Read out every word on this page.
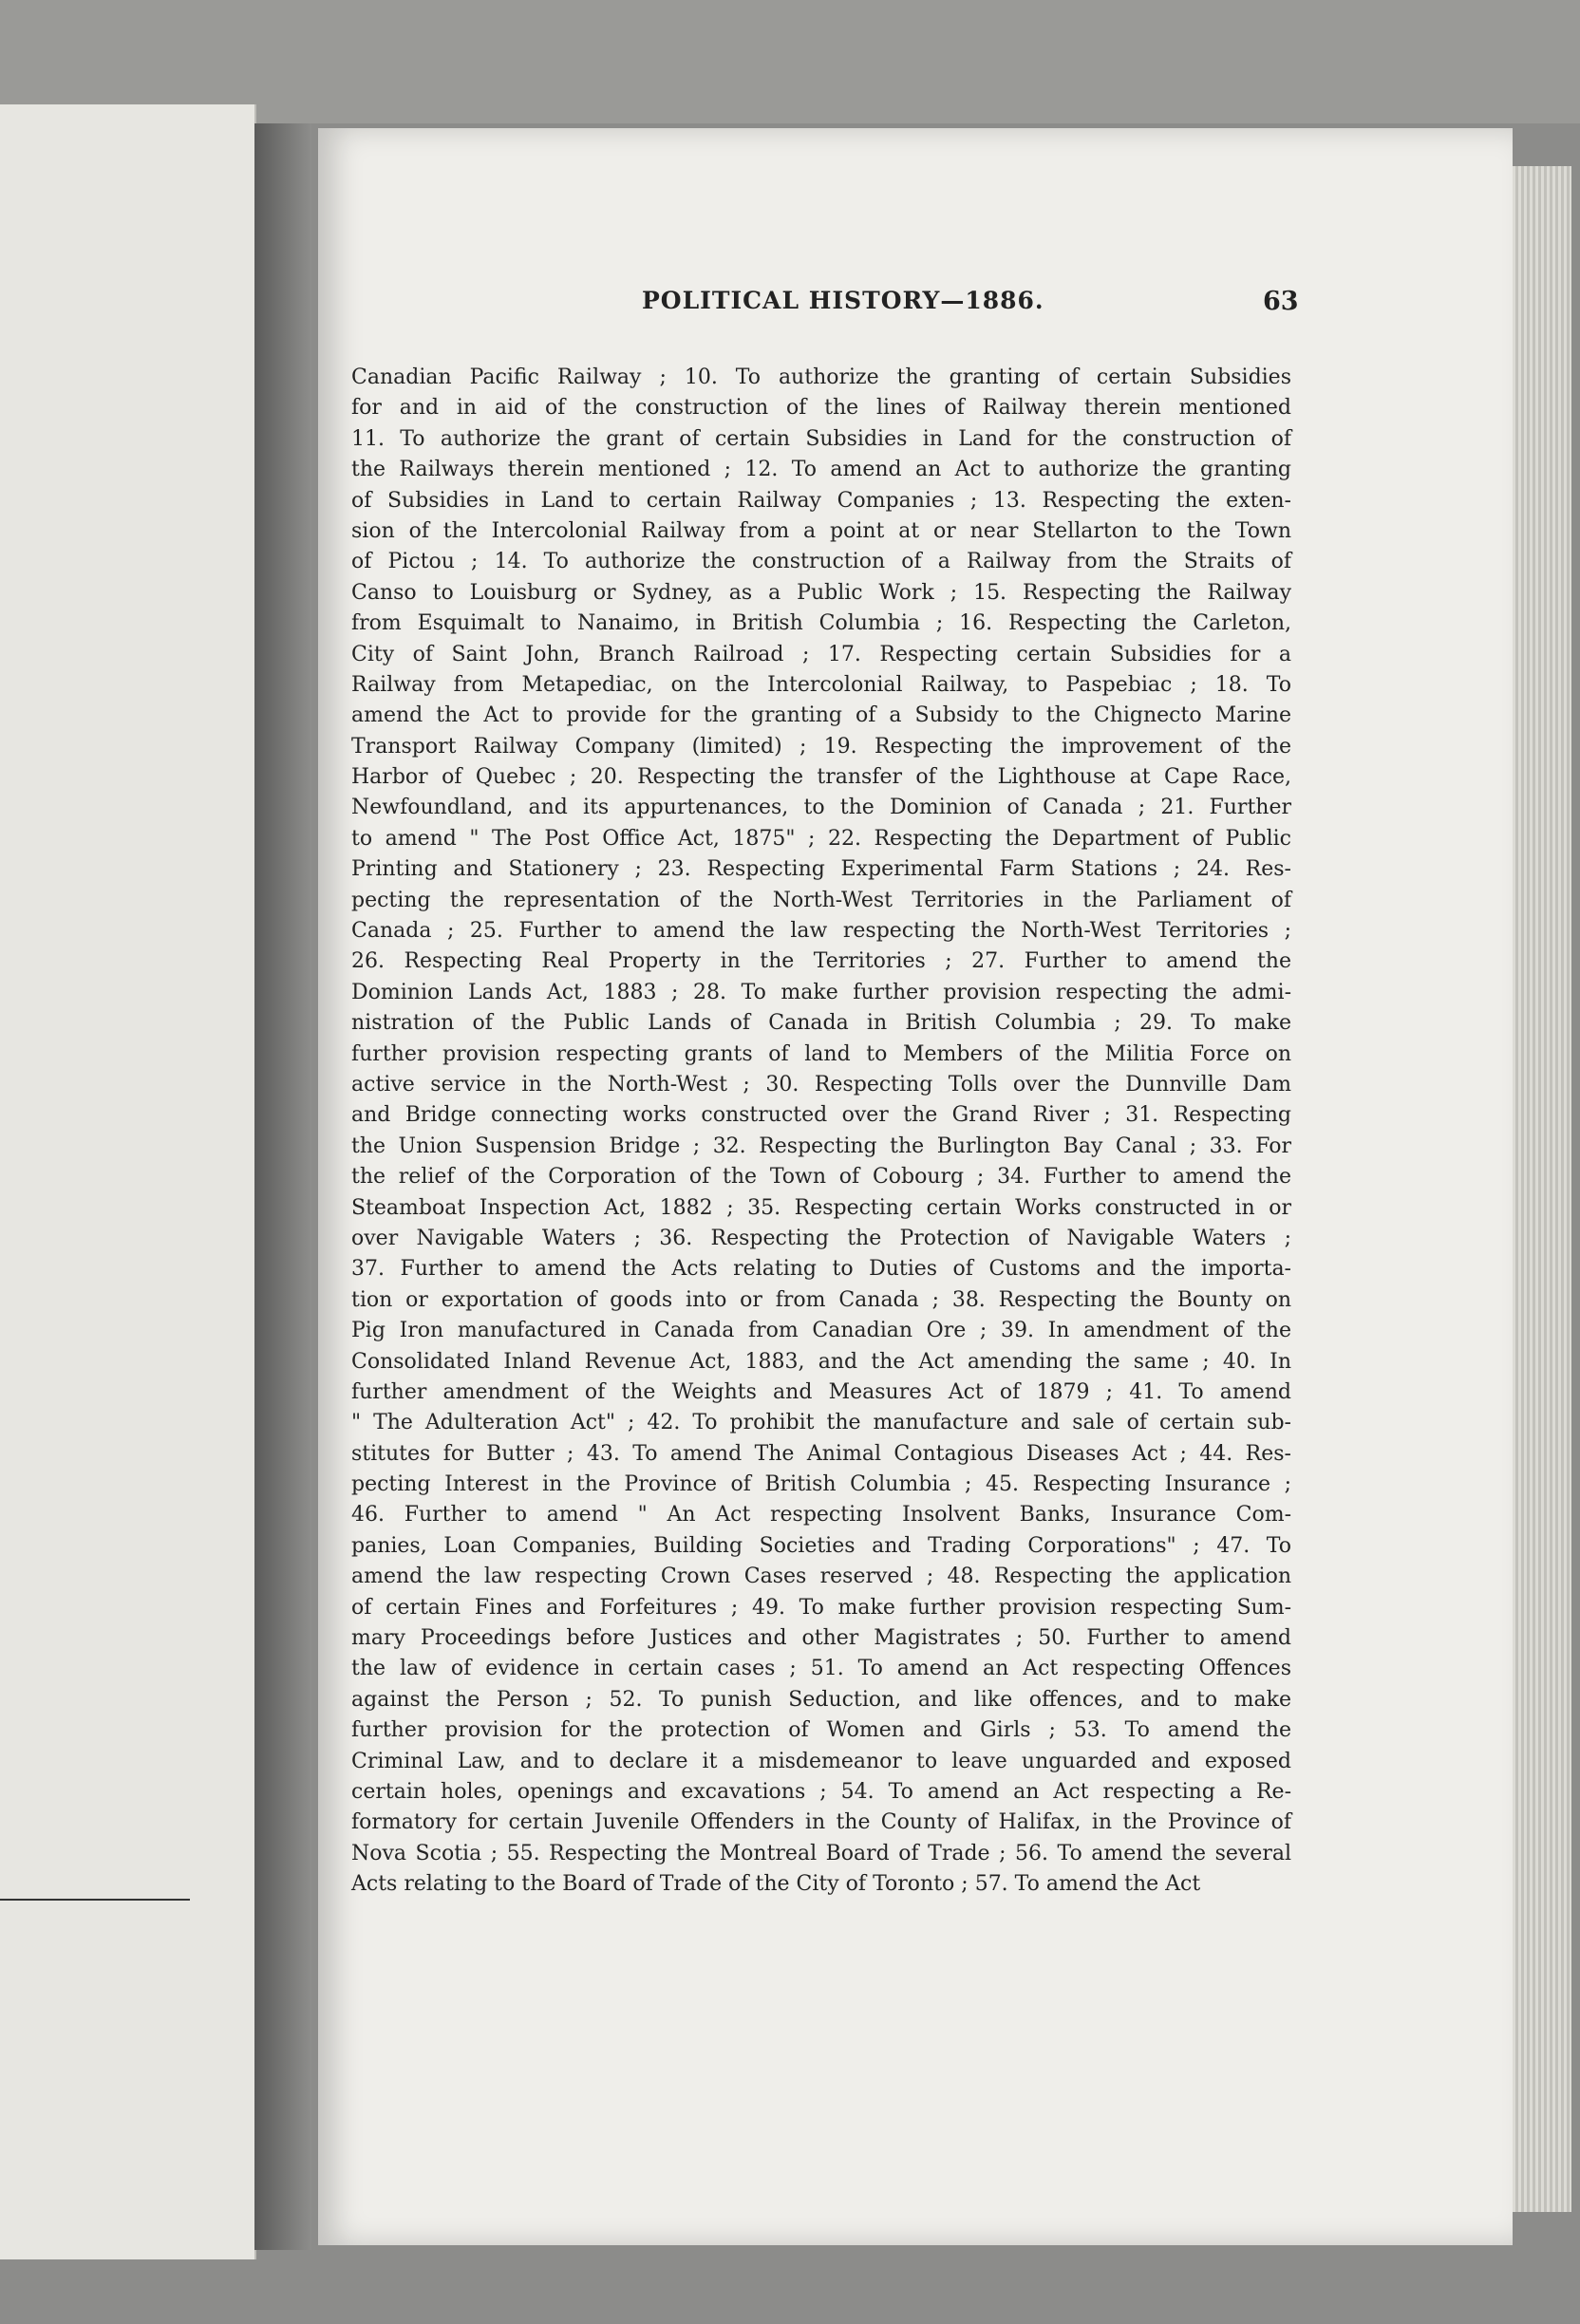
POLITICAL HISTORY—1886.	63
Canadian Pacific Railway ; 10. To authorize the granting of certain Subsidies
for and in aid of the construction of the lines of Railway therein mentioned
11. To authorize the grant of certain Subsidies in Land for the construction of
the Railways therein mentioned ; 12. To amend an Act to authorize the granting
of Subsidies in Land to certain Railway Companies ; 13. Respecting the exten-
sion of the Intercolonial Railway from a point at or near Stellarton to the Town
of Pictou ; 14. To authorize the construction of a Railway from the Straits of
Canso to Louisburg or Sydney, as a Public Work ; 15. Respecting the Railway
from Esquimalt to Nanaimo, in British Columbia ; 16. Respecting the Carleton,
City of Saint John, Branch Railroad ; 17. Respecting certain Subsidies for a
Railway from Metapediac, on the Intercolonial Railway, to Paspebiac ; 18. To
amend the Act to provide for the granting of a Subsidy to the Chignecto Marine
Transport Railway Company (limited) ; 19. Respecting the improvement of the
Harbor of Quebec ; 20. Respecting the transfer of the Lighthouse at Cape Race,
Newfoundland, and its appurtenances, to the Dominion of Canada ; 21. Further
to amend " The Post Office Act, 1875" ; 22. Respecting the Department of Public
Printing and Stationery ; 23. Respecting Experimental Farm Stations ; 24. Res-
pecting the representation of the North-West Territories in the Parliament of
Canada ; 25. Further to amend the law respecting the North-West Territories ;
26. Respecting Real Property in the Territories ; 27. Further to amend the
Dominion Lands Act, 1883 ; 28. To make further provision respecting the admi-
nistration of the Public Lands of Canada in British Columbia ; 29. To make
further provision respecting grants of land to Members of the Militia Force on
active service in the North-West ; 30. Respecting Tolls over the Dunnville Dam
and Bridge connecting works constructed over the Grand River ; 31. Respecting
the Union Suspension Bridge ; 32. Respecting the Burlington Bay Canal ; 33. For
the relief of the Corporation of the Town of Cobourg ; 34. Further to amend the
Steamboat Inspection Act, 1882 ; 35. Respecting certain Works constructed in or
over Navigable Waters ; 36. Respecting the Protection of Navigable Waters ;
37. Further to amend the Acts relating to Duties of Customs and the importa-
tion or exportation of goods into or from Canada ; 38. Respecting the Bounty on
Pig Iron manufactured in Canada from Canadian Ore ; 39. In amendment of the
Consolidated Inland Revenue Act, 1883, and the Act amending the same ; 40. In
further amendment of the Weights and Measures Act of 1879 ; 41. To amend
" The Adulteration Act" ; 42. To prohibit the manufacture and sale of certain sub-
stitutes for Butter ; 43. To amend The Animal Contagious Diseases Act ; 44. Res-
pecting Interest in the Province of British Columbia ; 45. Respecting Insurance ;
46. Further to amend " An Act respecting Insolvent Banks, Insurance Com-
panies, Loan Companies, Building Societies and Trading Corporations" ; 47. To
amend the law respecting Crown Cases reserved ; 48. Respecting the application
of certain Fines and Forfeitures ; 49. To make further provision respecting Sum-
mary Proceedings before Justices and other Magistrates ; 50. Further to amend
the law of evidence in certain cases ; 51. To amend an Act respecting Offences
against the Person ; 52. To punish Seduction, and like offences, and to make
further provision for the protection of Women and Girls ; 53. To amend the
Criminal Law, and to declare it a misdemeanor to leave unguarded and exposed
certain holes, openings and excavations ; 54. To amend an Act respecting a Re-
formatory for certain Juvenile Offenders in the County of Halifax, in the Province of
Nova Scotia ; 55. Respecting the Montreal Board of Trade ; 56. To amend the several
Acts relating to the Board of Trade of the City of Toronto ; 57. To amend the Act
